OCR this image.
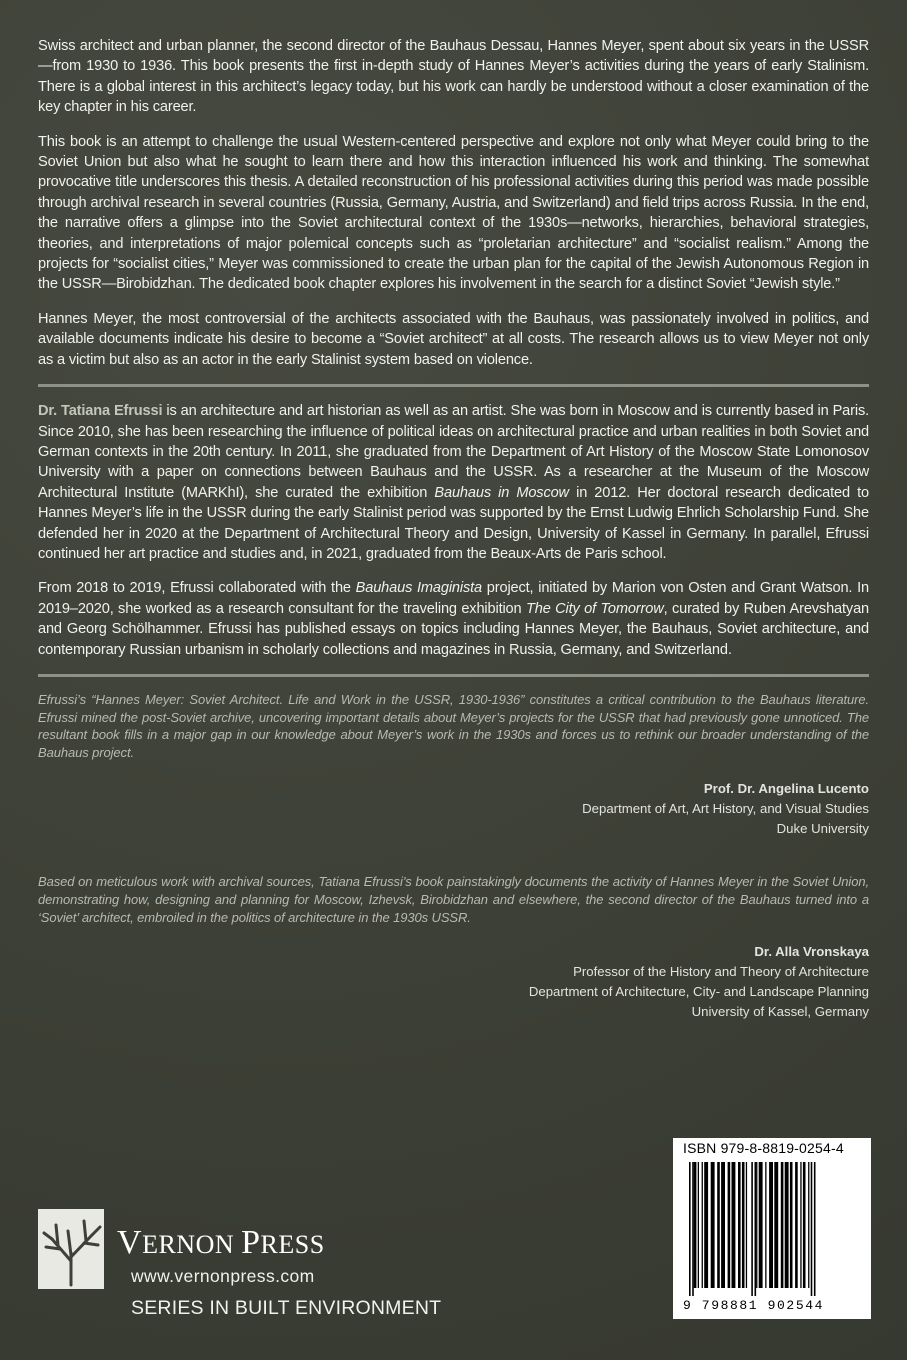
Swiss architect and urban planner, the second director of the Bauhaus Dessau, Hannes Meyer, spent about six years in the USSR—from 1930 to 1936. This book presents the first in-depth study of Hannes Meyer’s activities during the years of early Stalinism. There is a global interest in this architect’s legacy today, but his work can hardly be understood without a closer examination of the key chapter in his career.

This book is an attempt to challenge the usual Western-centered perspective and explore not only what Meyer could bring to the Soviet Union but also what he sought to learn there and how this interaction influenced his work and thinking. The somewhat provocative title underscores this thesis. A detailed reconstruction of his professional activities during this period was made possible through archival research in several countries (Russia, Germany, Austria, and Switzerland) and field trips across Russia. In the end, the narrative offers a glimpse into the Soviet architectural context of the 1930s—networks, hierarchies, behavioral strategies, theories, and interpretations of major polemical concepts such as “proletarian architecture” and “socialist realism.” Among the projects for “socialist cities,” Meyer was commissioned to create the urban plan for the capital of the Jewish Autonomous Region in the USSR—Birobidzhan. The dedicated book chapter explores his involvement in the search for a distinct Soviet “Jewish style.”

Hannes Meyer, the most controversial of the architects associated with the Bauhaus, was passionately involved in politics, and available documents indicate his desire to become a “Soviet architect” at all costs. The research allows us to view Meyer not only as a victim but also as an actor in the early Stalinist system based on violence.

Dr. Tatiana Efrussi is an architecture and art historian as well as an artist. She was born in Moscow and is currently based in Paris. Since 2010, she has been researching the influence of political ideas on architectural practice and urban realities in both Soviet and German contexts in the 20th century. In 2011, she graduated from the Department of Art History of the Moscow State Lomonosov University with a paper on connections between Bauhaus and the USSR. As a researcher at the Museum of the Moscow Architectural Institute (MARKhI), she curated the exhibition Bauhaus in Moscow in 2012. Her doctoral research dedicated to Hannes Meyer’s life in the USSR during the early Stalinist period was supported by the Ernst Ludwig Ehrlich Scholarship Fund. She defended her in 2020 at the Department of Architectural Theory and Design, University of Kassel in Germany. In parallel, Efrussi continued her art practice and studies and, in 2021, graduated from the Beaux-Arts de Paris school.

From 2018 to 2019, Efrussi collaborated with the Bauhaus Imaginista project, initiated by Marion von Osten and Grant Watson. In 2019–2020, she worked as a research consultant for the traveling exhibition The City of Tomorrow, curated by Ruben Arevshatyan and Georg Schölhammer. Efrussi has published essays on topics including Hannes Meyer, the Bauhaus, Soviet architecture, and contemporary Russian urbanism in scholarly collections and magazines in Russia, Germany, and Switzerland.

Efrussi’s “Hannes Meyer: Soviet Architect. Life and Work in the USSR, 1930-1936” constitutes a critical contribution to the Bauhaus literature. Efrussi mined the post-Soviet archive, uncovering important details about Meyer’s projects for the USSR that had previously gone unnoticed. The resultant book fills in a major gap in our knowledge about Meyer’s work in the 1930s and forces us to rethink our broader understanding of the Bauhaus project.

Prof. Dr. Angelina Lucento
Department of Art, Art History, and Visual Studies
Duke University

Based on meticulous work with archival sources, Tatiana Efrussi’s book painstakingly documents the activity of Hannes Meyer in the Soviet Union, demonstrating how, designing and planning for Moscow, Izhevsk, Birobidzhan and elsewhere, the second director of the Bauhaus turned into a ‘Soviet’ architect, embroiled in the politics of architecture in the 1930s USSR.

Dr. Alla Vronskaya
Professor of the History and Theory of Architecture
Department of Architecture, City- and Landscape Planning
University of Kassel, Germany
VERNON PRESS
www.vernonpress.com
SERIES IN BUILT ENVIRONMENT
ISBN 979-8-8819-0254-4
9 798881 902544
